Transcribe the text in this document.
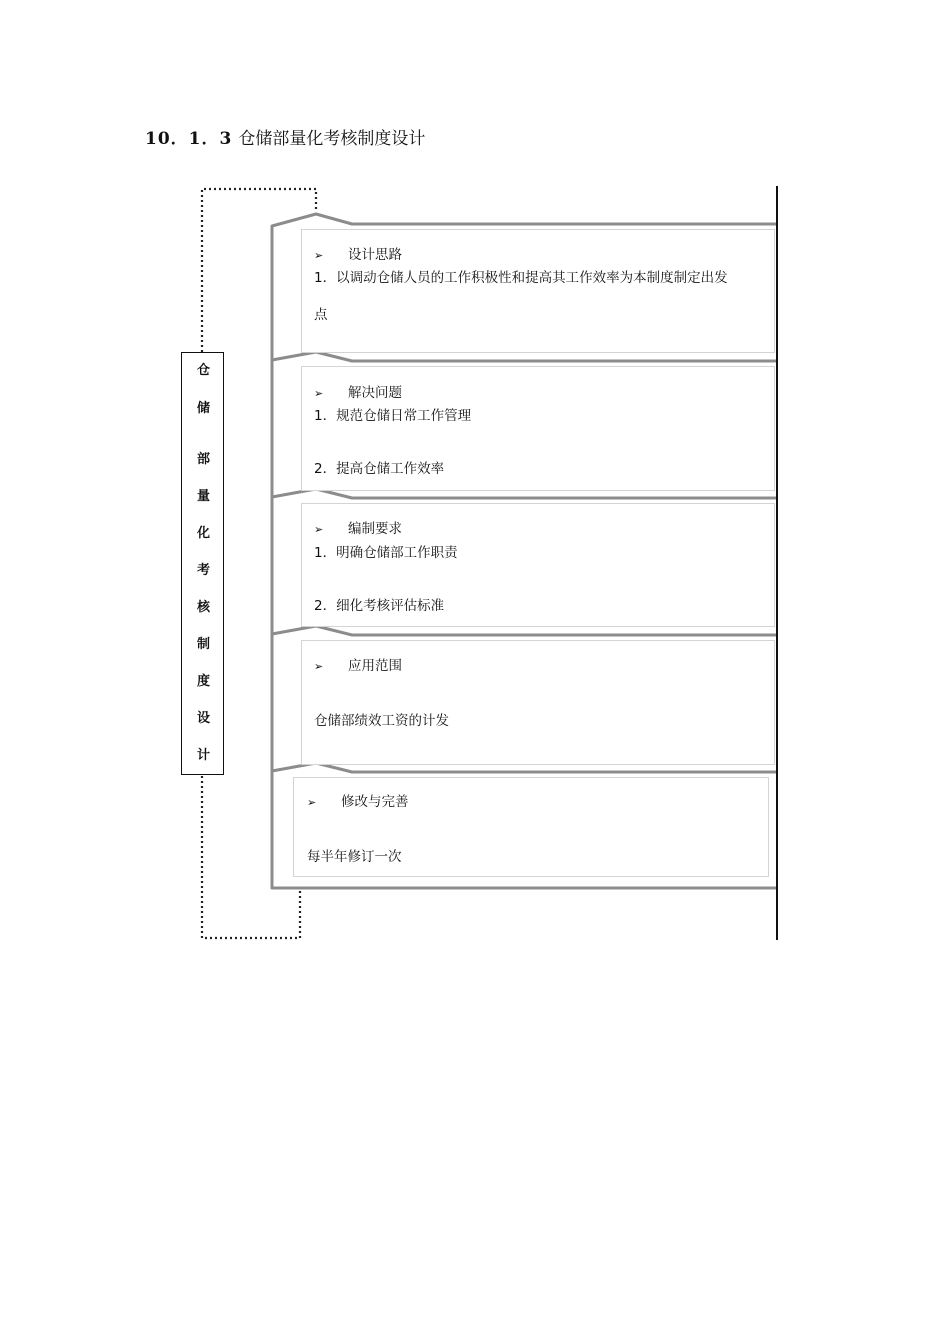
10．1．3 仓储部量化考核制度设计
仓
储
部
量
化
考
核
制
度
设
计
➢ 设计思路
1．以调动仓储人员的工作积极性和提高其工作效率为本制度制定出发
点
➢ 解决问题
1．规范仓储日常工作管理
2．提高仓储工作效率
➢ 编制要求
1．明确仓储部工作职责
2．细化考核评估标准
➢ 应用范围
仓储部绩效工资的计发
➢ 修改与完善
每半年修订一次
